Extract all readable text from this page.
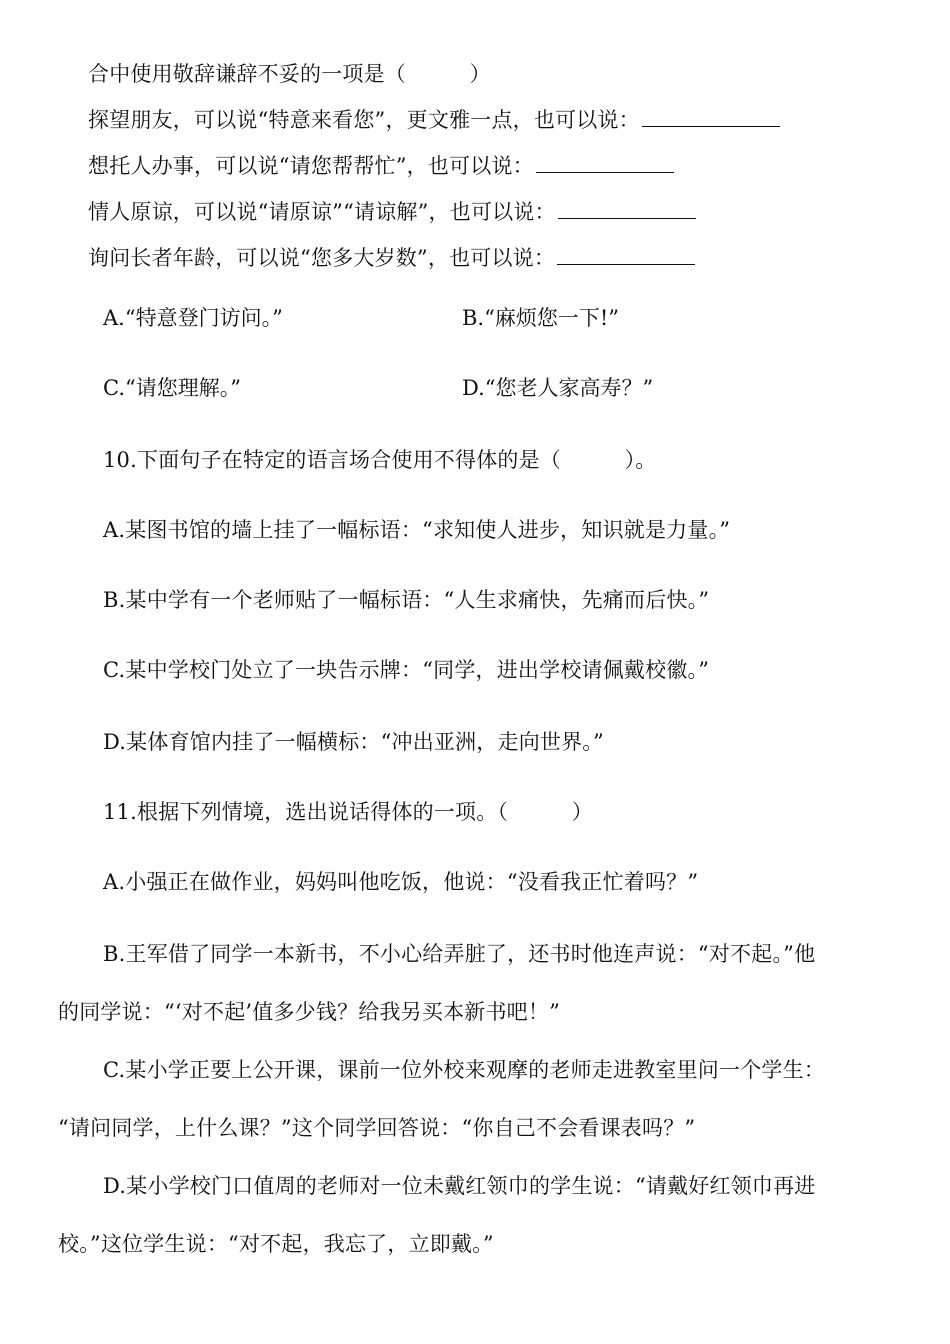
合中使用敬辞谦辞不妥的一项是（　　　）
探望朋友，可以说“特意来看您”，更文雅一点，也可以说：
想托人办事，可以说“请您帮帮忙”，也可以说：
情人原谅，可以说“请原谅”“请谅解”，也可以说：
询问长者年龄，可以说“您多大岁数”，也可以说：
A.“特意登门访问。”	B.“麻烦您一下!”
C.“请您理解。”	D.“您老人家高寿？”
10.下面句子在特定的语言场合使用不得体的是（　　　）。
A.某图书馆的墙上挂了一幅标语：“求知使人进步，知识就是力量。”
B.某中学有一个老师贴了一幅标语：“人生求痛快，先痛而后快。”
C.某中学校门处立了一块告示牌：“同学，进出学校请佩戴校徽。”
D.某体育馆内挂了一幅横标：“冲出亚洲，走向世界。”
11.根据下列情境，选出说话得体的一项。（　　　）
A.小强正在做作业，妈妈叫他吃饭，他说：“没看我正忙着吗？”
B.王军借了同学一本新书，不小心给弄脏了，还书时他连声说：“对不起。”他
的同学说：“‘对不起’值多少钱？给我另买本新书吧！”
C.某小学正要上公开课，课前一位外校来观摩的老师走进教室里问一个学生：
“请问同学，上什么课？”这个同学回答说：“你自己不会看课表吗？”
D.某小学校门口值周的老师对一位未戴红领巾的学生说：“请戴好红领巾再进
校。”这位学生说：“对不起，我忘了，立即戴。”
